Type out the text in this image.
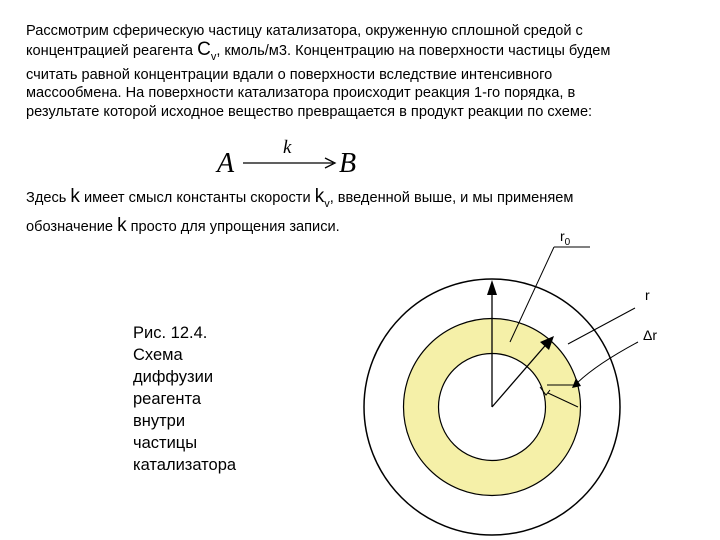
Рассмотрим сферическую частицу катализатора, окруженную сплошной средой с
концентрацией реагента $C_v$, кмоль/м3. Концентрацию на поверхности частицы будем
считать равной концентрации вдали о поверхности вследствие интенсивного
массообмена. На поверхности катализатора происходит реакция 1-го порядка, в
результате которой исходное вещество превращается в продукт реакции по схеме:

A
k
B

Здесь k имеет смысл константы скорости $k_v$, введенной выше, и мы применяем
обозначение k просто для упрощения записи.

Рис. 12.4.
Схема
диффузии
реагента
внутри
частицы
катализатора
$r_0$
r
Δr
